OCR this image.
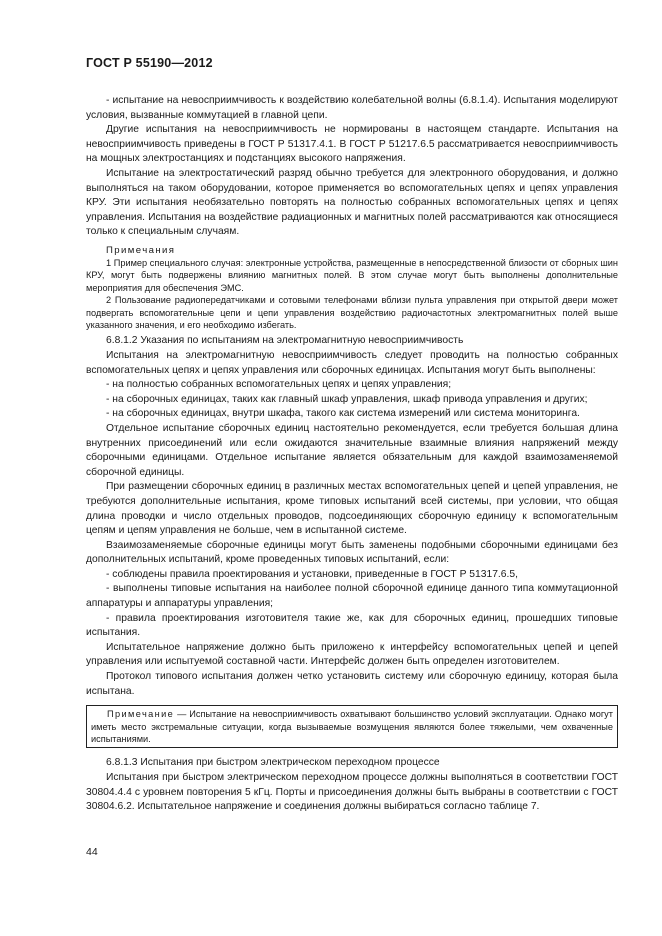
ГОСТ Р 55190—2012

- испытание на невосприимчивость к воздействию колебательной волны (6.8.1.4). Испытания моделируют условия, вызванные коммутацией в главной цепи.

Другие испытания на невосприимчивость не нормированы в настоящем стандарте. Испытания на невосприимчивость приведены в ГОСТ Р 51317.4.1. В ГОСТ Р 51217.6.5 рассматривается невосприимчивость на мощных электростанциях и подстанциях высокого напряжения.

Испытание на электростатический разряд обычно требуется для электронного оборудования, и должно выполняться на таком оборудовании, которое применяется во вспомогательных цепях и цепях управления КРУ. Эти испытания необязательно повторять на полностью собранных вспомогательных цепях и цепях управления. Испытания на воздействие радиационных и магнитных полей рассматриваются как относящиеся только к специальным случаям.

Примечания

1 Пример специального случая: электронные устройства, размещенные в непосредственной близости от сборных шин КРУ, могут быть подвержены влиянию магнитных полей. В этом случае могут быть выполнены дополнительные мероприятия для обеспечения ЭМС.

2 Пользование радиопередатчиками и сотовыми телефонами вблизи пульта управления при открытой двери может подвергать вспомогательные цепи и цепи управления воздействию радиочастотных электромагнитных полей выше указанного значения, и его необходимо избегать.

6.8.1.2 Указания по испытаниям на электромагнитную невосприимчивость

Испытания на электромагнитную невосприимчивость следует проводить на полностью собранных вспомогательных цепях и цепях управления или сборочных единицах. Испытания могут быть выполнены:

- на полностью собранных вспомогательных цепях и цепях управления;

- на сборочных единицах, таких как главный шкаф управления, шкаф привода управления и других;

- на сборочных единицах, внутри шкафа, такого как система измерений или система мониторинга.

Отдельное испытание сборочных единиц настоятельно рекомендуется, если требуется большая длина внутренних присоединений или если ожидаются значительные взаимные влияния напряжений между сборочными единицами. Отдельное испытание является обязательным для каждой взаимозаменяемой сборочной единицы.

При размещении сборочных единиц в различных местах вспомогательных цепей и цепей управления, не требуются дополнительные испытания, кроме типовых испытаний всей системы, при условии, что общая длина проводки и число отдельных проводов, подсоединяющих сборочную единицу к вспомогательным цепям и цепям управления не больше, чем в испытанной системе.

Взаимозаменяемые сборочные единицы могут быть заменены подобными сборочными единицами без дополнительных испытаний, кроме проведенных типовых испытаний, если:

- соблюдены правила проектирования и установки, приведенные в ГОСТ Р 51317.6.5,

- выполнены типовые испытания на наиболее полной сборочной единице данного типа коммутационной аппаратуры и аппаратуры управления;

- правила проектирования изготовителя такие же, как для сборочных единиц, прошедших типовые испытания.

Испытательное напряжение должно быть приложено к интерфейсу вспомогательных цепей и цепей управления или испытуемой составной части. Интерфейс должен быть определен изготовителем.

Протокол типового испытания должен четко установить систему или сборочную единицу, которая была испытана.

Примечание — Испытание на невосприимчивость охватывают большинство условий эксплуатации. Однако могут иметь место экстремальные ситуации, когда вызываемые возмущения являются более тяжелыми, чем охваченные испытаниями.

6.8.1.3 Испытания при быстром электрическом переходном процессе

Испытания при быстром электрическом переходном процессе должны выполняться в соответствии ГОСТ 30804.4.4 с уровнем повторения 5 кГц. Порты и присоединения должны быть выбраны в соответствии с ГОСТ 30804.6.2. Испытательное напряжение и соединения должны выбираться согласно таблице 7.

44
